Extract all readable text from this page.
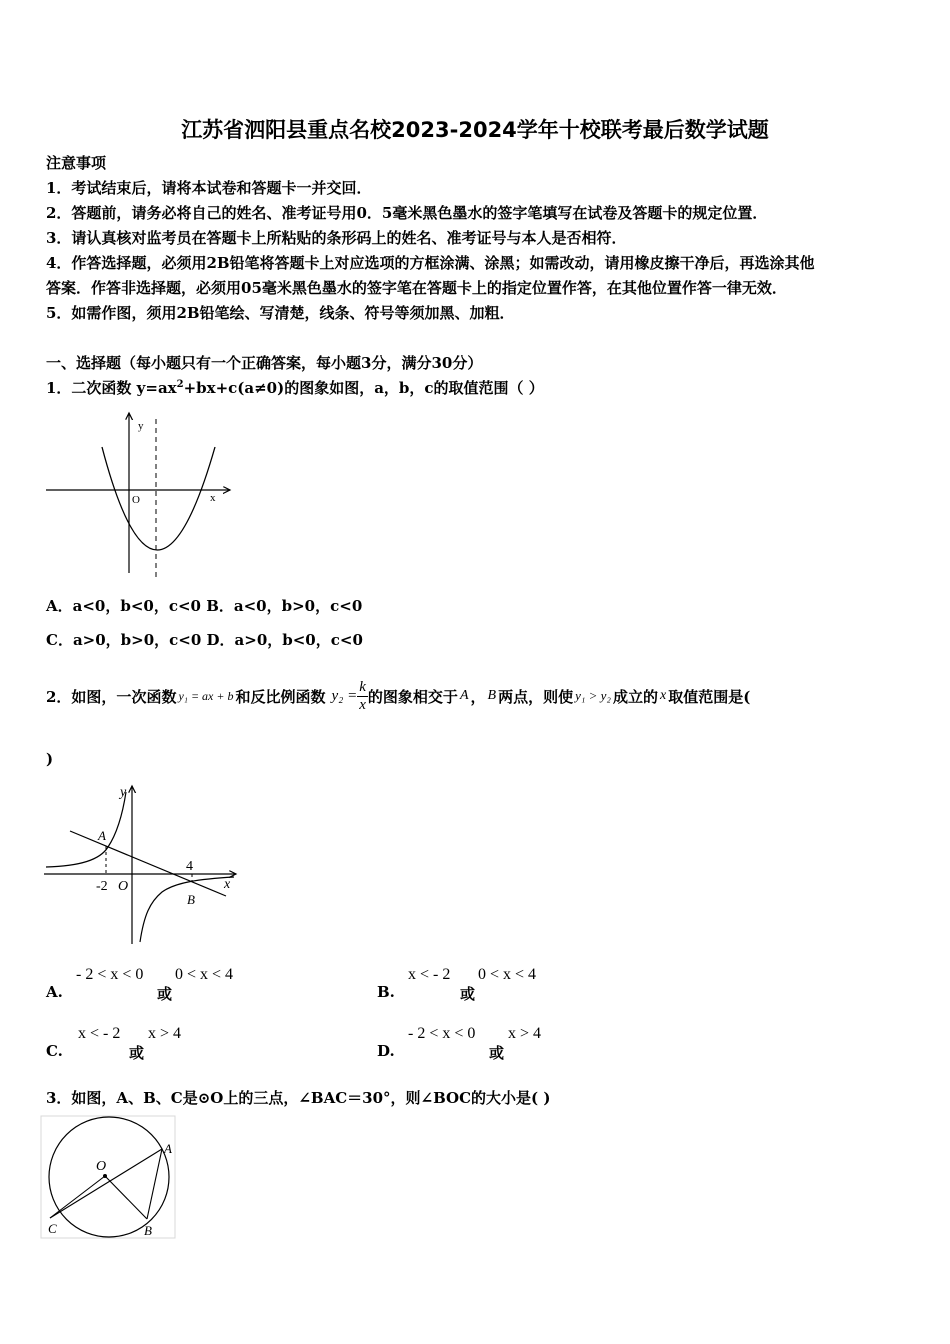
江苏省泗阳县重点名校2023-2024学年十校联考最后数学试题
注意事项
1．考试结束后，请将本试卷和答题卡一并交回．
2．答题前，请务必将自己的姓名、准考证号用0．5毫米黑色墨水的签字笔填写在试卷及答题卡的规定位置．
3．请认真核对监考员在答题卡上所粘贴的条形码上的姓名、准考证号与本人是否相符．
4．作答选择题，必须用2B铅笔将答题卡上对应选项的方框涂满、涂黑；如需改动，请用橡皮擦干净后，再选涂其他
答案．作答非选择题，必须用05毫米黑色墨水的签字笔在答题卡上的指定位置作答，在其他位置作答一律无效．
5．如需作图，须用2B铅笔绘、写清楚，线条、符号等须加黑、加粗．
一、选择题（每小题只有一个正确答案，每小题3分，满分30分）
1．二次函数 $y=ax^2+bx+c(a\ne 0)$的图象如图，a，b，c的取值范围（ ）
y
x
O
A．a<0，b<0，c<0 B．a<0，b>0，c<0
C．a>0，b>0，c<0 D．a>0，b<0，c<0
2．如图，一次函数 y₁ = ax + b 和反比例函数 $y_2 = \frac{k}{x}$ 的图象相交于 A ， B 两点，则使 y₁ > y₂ 成立的 x 取值范围是(
)
y
x
A
B
-2 O
4
A.
- 2 < x < 0
或
0 < x < 4
B.
x < - 2
或
0 < x < 4
C.
x < - 2
或
x > 4
D.
- 2 < x < 0
或
x > 4
3．如图，A、B、C是⊙O上的三点，∠BAC＝30°，则∠BOC的大小是( )
O
A
B
C
